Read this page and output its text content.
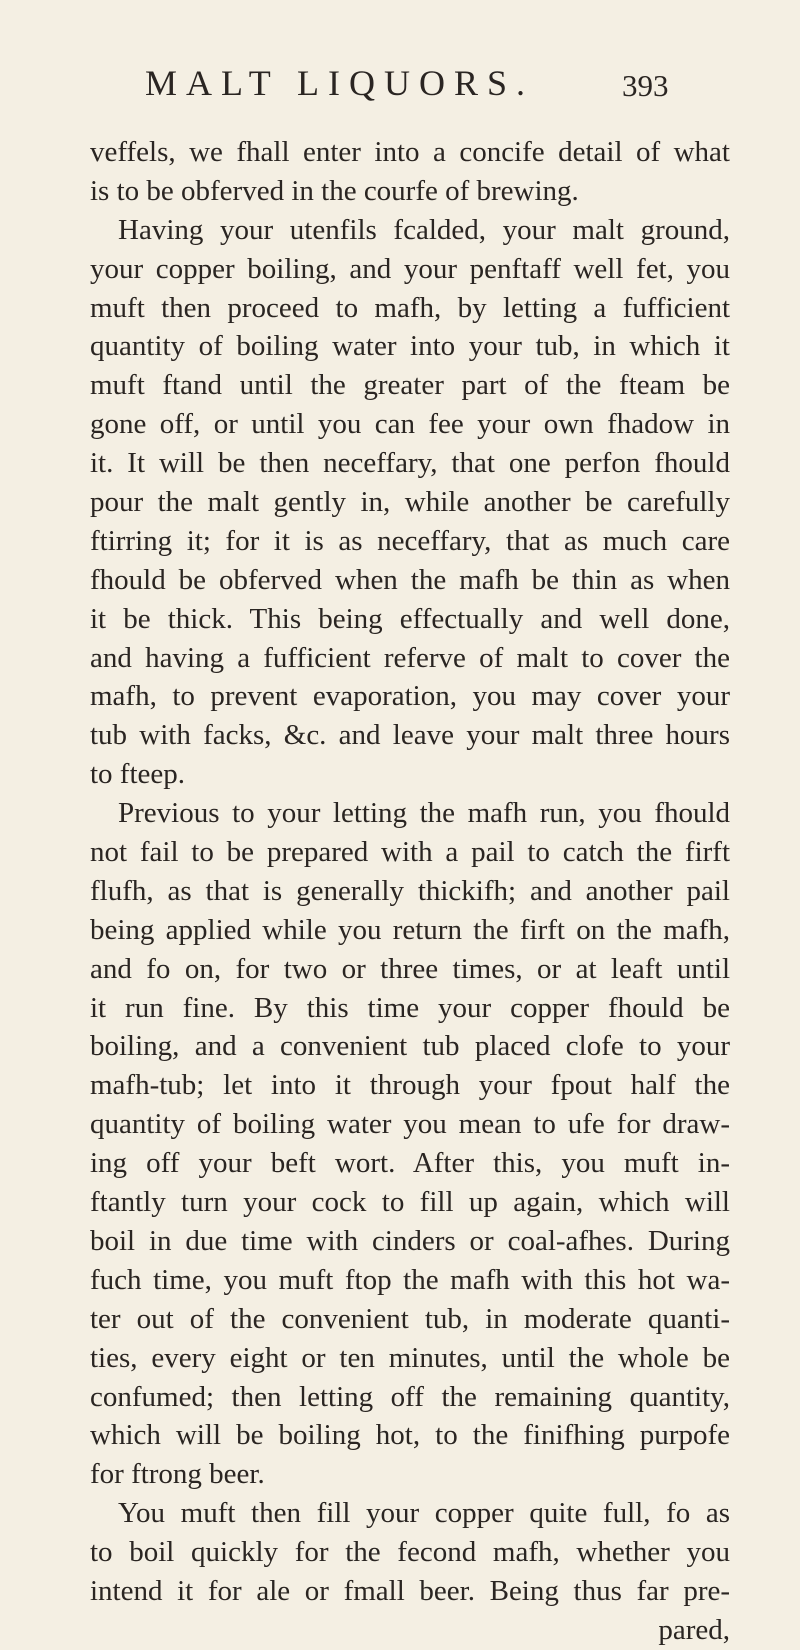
MALT LIQUORS.	393
veffels, we fhall enter into a concife detail of what
is to be obferved in the courfe of brewing.
Having your utenfils fcalded, your malt ground,
your copper boiling, and your penftaff well fet, you
muft then proceed to mafh, by letting a fufficient
quantity of boiling water into your tub, in which it
muft ftand until the greater part of the fteam be
gone off, or until you can fee your own fhadow in
it. It will be then neceffary, that one perfon fhould
pour the malt gently in, while another be carefully
ftirring it; for it is as neceffary, that as much care
fhould be obferved when the mafh be thin as when
it be thick. This being effectually and well done,
and having a fufficient referve of malt to cover the
mafh, to prevent evaporation, you may cover your
tub with facks, &c. and leave your malt three hours
to fteep.
Previous to your letting the mafh run, you fhould
not fail to be prepared with a pail to catch the firft
flufh, as that is generally thickifh; and another pail
being applied while you return the firft on the mafh,
and fo on, for two or three times, or at leaft until
it run fine. By this time your copper fhould be
boiling, and a convenient tub placed clofe to your
mafh-tub; let into it through your fpout half the
quantity of boiling water you mean to ufe for draw-
ing off your beft wort. After this, you muft in-
ftantly turn your cock to fill up again, which will
boil in due time with cinders or coal-afhes. During
fuch time, you muft ftop the mafh with this hot wa-
ter out of the convenient tub, in moderate quanti-
ties, every eight or ten minutes, until the whole be
confumed; then letting off the remaining quantity,
which will be boiling hot, to the finifhing purpofe
for ftrong beer.
You muft then fill your copper quite full, fo as
to boil quickly for the fecond mafh, whether you
intend it for ale or fmall beer. Being thus far pre-
pared,
